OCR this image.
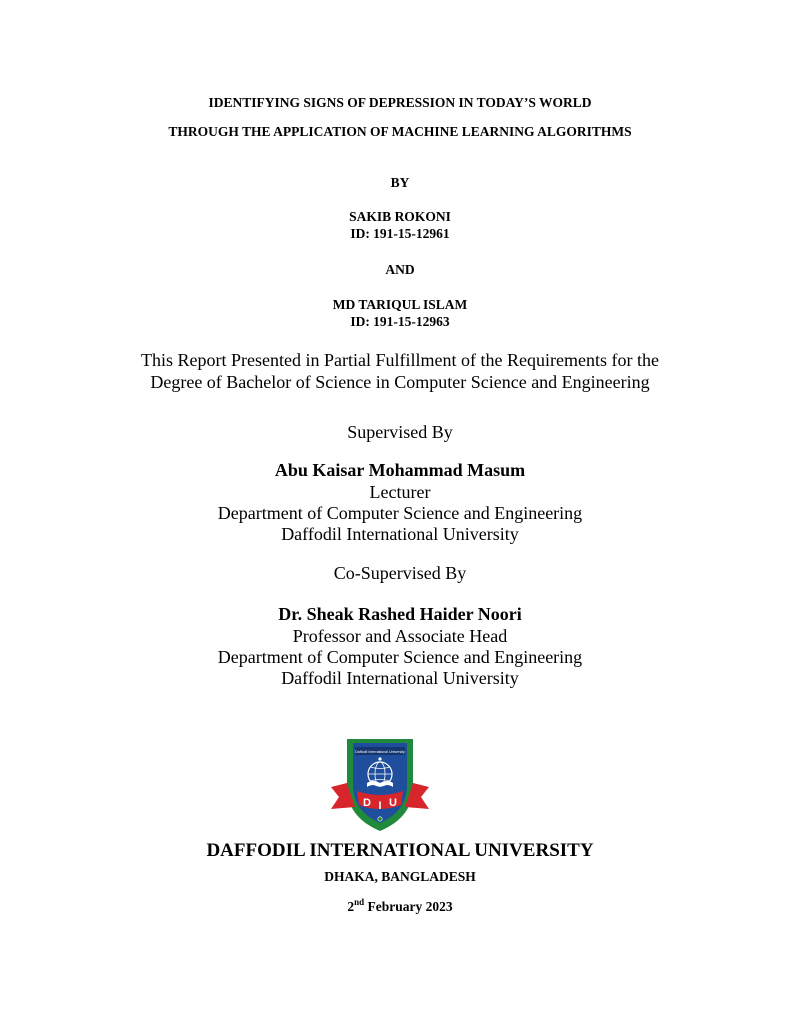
IDENTIFYING SIGNS OF DEPRESSION IN TODAY’S WORLD
THROUGH THE APPLICATION OF MACHINE LEARNING ALGORITHMS
BY
SAKIB ROKONI
ID: 191-15-12961
AND
MD TARIQUL ISLAM
ID: 191-15-12963
This Report Presented in Partial Fulfillment of the Requirements for the
Degree of Bachelor of Science in Computer Science and Engineering
Supervised By
Abu Kaisar Mohammad Masum
Lecturer
Department of Computer Science and Engineering
Daffodil International University
Co-Supervised By
Dr. Sheak Rashed Haider Noori
Professor and Associate Head
Department of Computer Science and Engineering
Daffodil International University
Daffodil International University
D I U
DAFFODIL INTERNATIONAL UNIVERSITY
DHAKA, BANGLADESH
2nd February 2023
